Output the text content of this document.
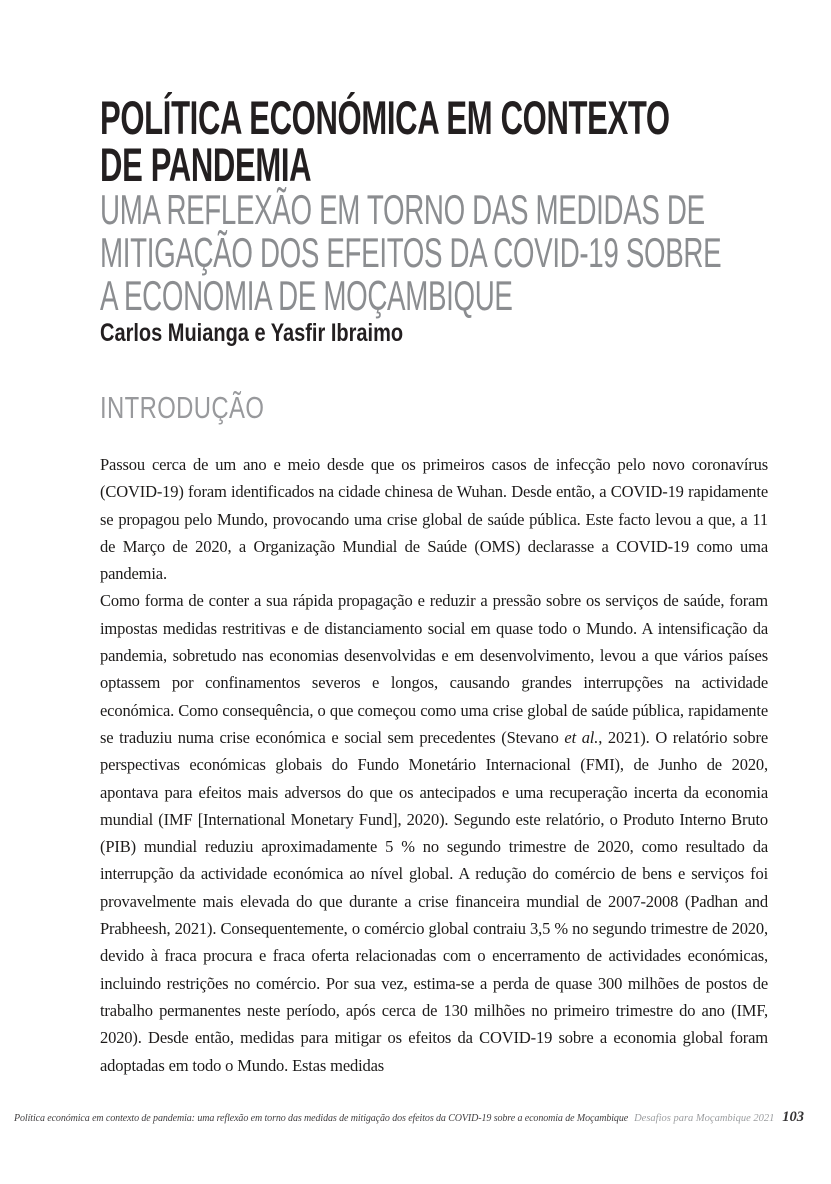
POLÍTICA ECONÓMICA EM CONTEXTO
DE PANDEMIA
UMA REFLEXÃO EM TORNO DAS MEDIDAS DE
MITIGAÇÃO DOS EFEITOS DA COVID-19 SOBRE
A ECONOMIA DE MOÇAMBIQUE
Carlos Muianga e Yasfir Ibraimo
INTRODUÇÃO

Passou cerca de um ano e meio desde que os primeiros casos de infecção pelo novo coronavírus (COVID-19) foram identificados na cidade chinesa de Wuhan. Desde então, a COVID-19 rapidamente se propagou pelo Mundo, provocando uma crise global de saúde pública. Este facto levou a que, a 11 de Março de 2020, a Organização Mundial de Saúde (OMS) declarasse a COVID-19 como uma pandemia.

Como forma de conter a sua rápida propagação e reduzir a pressão sobre os serviços de saúde, foram impostas medidas restritivas e de distanciamento social em quase todo o Mundo. A intensificação da pandemia, sobretudo nas economias desenvolvidas e em desenvolvimento, levou a que vários países optassem por confinamentos severos e longos, causando grandes interrupções na actividade económica. Como consequência, o que começou como uma crise global de saúde pública, rapidamente se traduziu numa crise económica e social sem precedentes (Stevano et al., 2021). O relatório sobre perspectivas económicas globais do Fundo Monetário Internacional (FMI), de Junho de 2020, apontava para efeitos mais adversos do que os antecipados e uma recuperação incerta da economia mundial (IMF [International Monetary Fund], 2020). Segundo este relatório, o Produto Interno Bruto (PIB) mundial reduziu aproximadamente 5 % no segundo trimestre de 2020, como resultado da interrupção da actividade económica ao nível global. A redução do comércio de bens e serviços foi provavelmente mais elevada do que durante a crise financeira mundial de 2007-2008 (Padhan and Prabheesh, 2021). Consequentemente, o comércio global contraiu 3,5 % no segundo trimestre de 2020, devido à fraca procura e fraca oferta relacionadas com o encerramento de actividades económicas, incluindo restrições no comércio. Por sua vez, estima-se a perda de quase 300 milhões de postos de trabalho permanentes neste período, após cerca de 130 milhões no primeiro trimestre do ano (IMF, 2020). Desde então, medidas para mitigar os efeitos da COVID-19 sobre a economia global foram adoptadas em todo o Mundo. Estas medidas

Política económica em contexto de pandemia: uma reflexão em torno das medidas de mitigação dos efeitos da COVID-19 sobre a economia de Moçambique Desafios para Moçambique 2021 103
